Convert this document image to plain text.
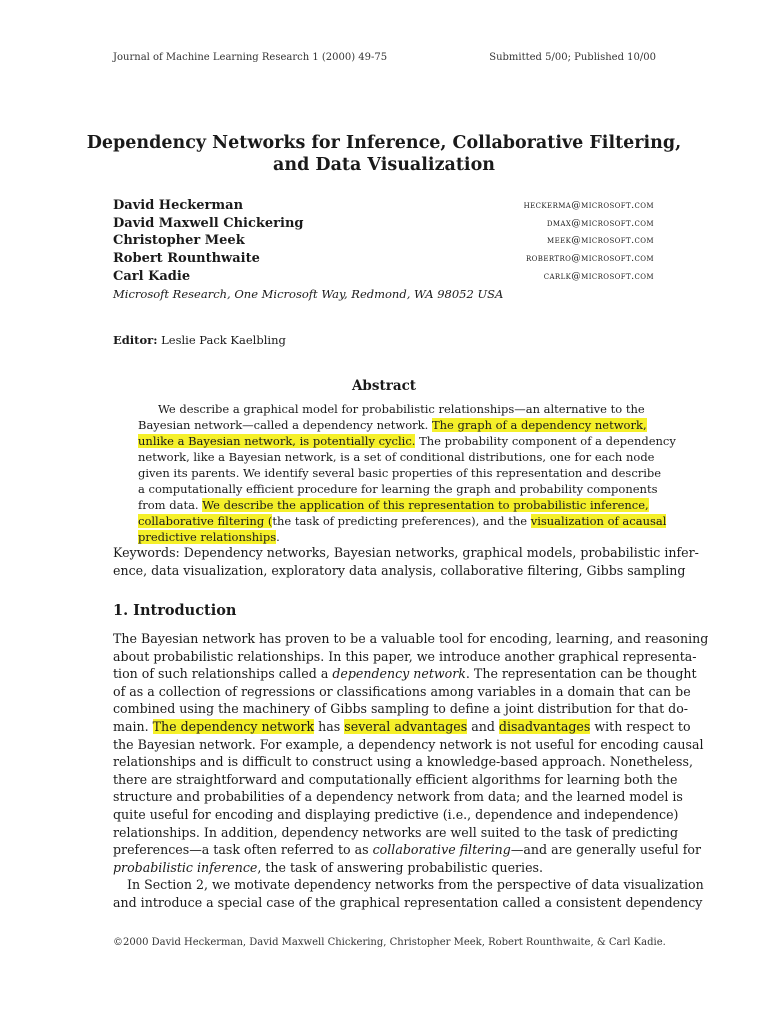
Journal of Machine Learning Research 1 (2000) 49-75	Submitted 5/00; Published 10/00
Dependency Networks for Inference, Collaborative Filtering,
and Data Visualization
David Heckerman	heckerma@microsoft.com
David Maxwell Chickering	dmax@microsoft.com
Christopher Meek	meek@microsoft.com
Robert Rounthwaite	robertro@microsoft.com
Carl Kadie	carlk@microsoft.com
Microsoft Research, One Microsoft Way, Redmond, WA 98052 USA
Editor: Leslie Pack Kaelbling
Abstract
We describe a graphical model for probabilistic relationships—an alternative to the
Bayesian network—called a dependency network. The graph of a dependency network,
unlike a Bayesian network, is potentially cyclic. The probability component of a dependency
network, like a Bayesian network, is a set of conditional distributions, one for each node
given its parents. We identify several basic properties of this representation and describe
a computationally efficient procedure for learning the graph and probability components
from data. We describe the application of this representation to probabilistic inference,
collaborative filtering (the task of predicting preferences), and the visualization of acausal
predictive relationships.
Keywords: Dependency networks, Bayesian networks, graphical models, probabilistic infer-
ence, data visualization, exploratory data analysis, collaborative filtering, Gibbs sampling
1. Introduction
The Bayesian network has proven to be a valuable tool for encoding, learning, and reasoning
about probabilistic relationships. In this paper, we introduce another graphical representa-
tion of such relationships called a dependency network. The representation can be thought
of as a collection of regressions or classifications among variables in a domain that can be
combined using the machinery of Gibbs sampling to define a joint distribution for that do-
main. The dependency network has several advantages and disadvantages with respect to
the Bayesian network. For example, a dependency network is not useful for encoding causal
relationships and is difficult to construct using a knowledge-based approach. Nonetheless,
there are straightforward and computationally efficient algorithms for learning both the
structure and probabilities of a dependency network from data; and the learned model is
quite useful for encoding and displaying predictive (i.e., dependence and independence)
relationships. In addition, dependency networks are well suited to the task of predicting
preferences—a task often referred to as collaborative filtering—and are generally useful for
probabilistic inference, the task of answering probabilistic queries.
In Section 2, we motivate dependency networks from the perspective of data visualization
and introduce a special case of the graphical representation called a consistent dependency
©2000 David Heckerman, David Maxwell Chickering, Christopher Meek, Robert Rounthwaite, & Carl Kadie.
